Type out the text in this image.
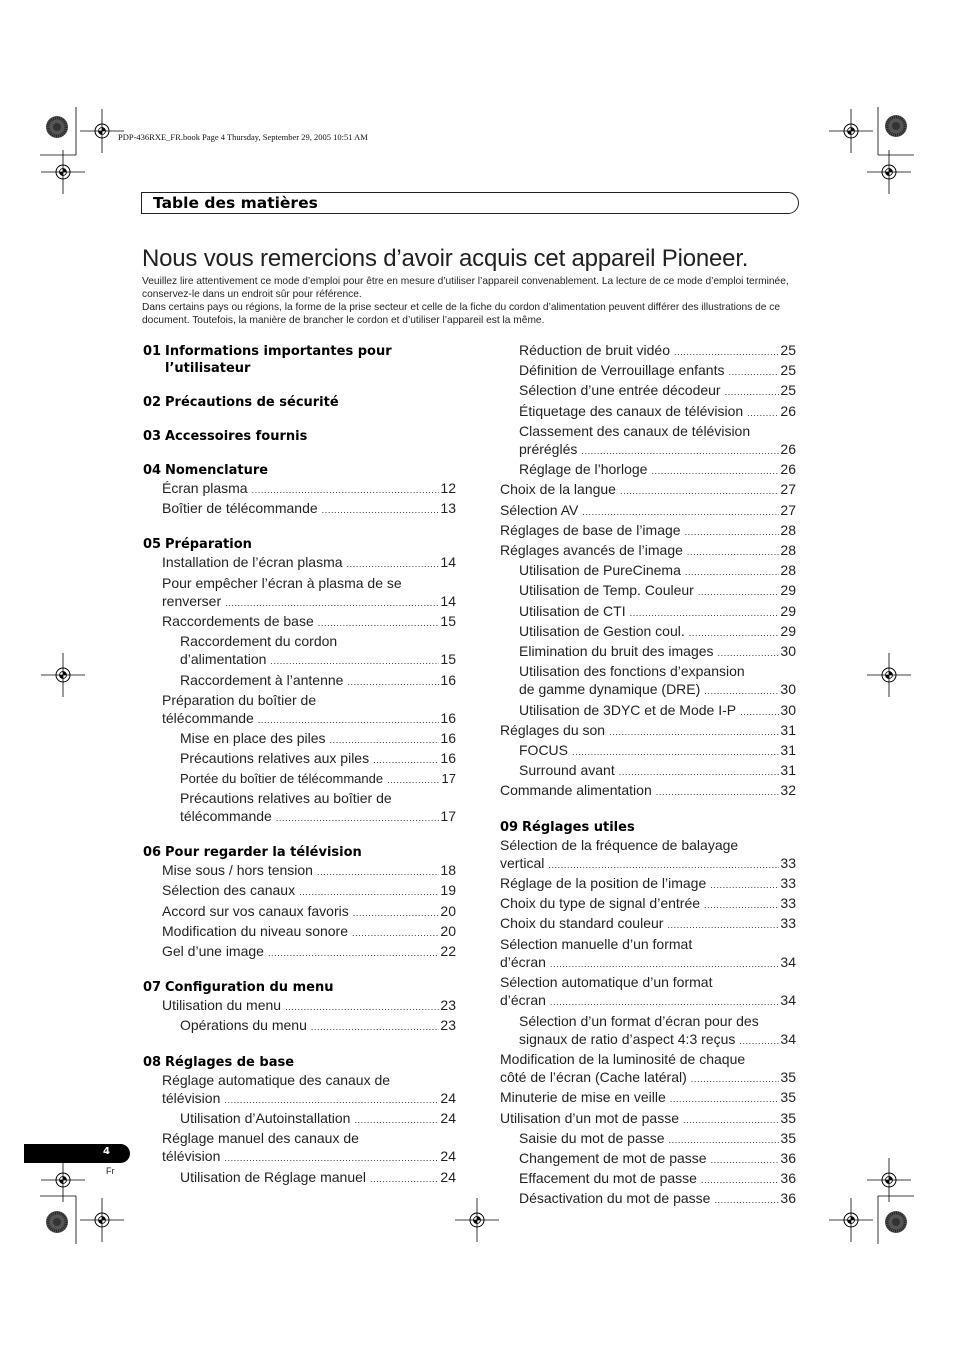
PDP-436RXE_FR.book Page 4 Thursday, September 29, 2005 10:51 AM
Table des matières
Nous vous remercions d’avoir acquis cet appareil Pioneer.

Veuillez lire attentivement ce mode d’emploi pour être en mesure d’utiliser l’appareil convenablement. La lecture de ce mode d’emploi terminée, conservez-le dans un endroit sûr pour référence.

Dans certains pays ou régions, la forme de la prise secteur et celle de la fiche du cordon d’alimentation peuvent différer des illustrations de ce document. Toutefois, la manière de brancher le cordon et d’utiliser l’appareil est la même.

01 Informations importantes pour
l’utilisateur
02 Précautions de sécurité
03 Accessoires fournis
04 Nomenclature
Écran plasma .....	12
Boîtier de télécommande .....	13
05 Préparation
Installation de l’écran plasma .....	14
Pour empêcher l’écran à plasma de se
renverser .....	14
Raccordements de base .....	15
Raccordement du cordon
d’alimentation .....	15
Raccordement à l’antenne .....	16
Préparation du boîtier de
télécommande .....	16
Mise en place des piles .....	16
Précautions relatives aux piles .....	16
Portée du boîtier de télécommande .....	17
Précautions relatives au boîtier de
télécommande .....	17
06 Pour regarder la télévision
Mise sous / hors tension .....	18
Sélection des canaux .....	19
Accord sur vos canaux favoris .....	20
Modification du niveau sonore .....	20
Gel d’une image .....	22
07 Configuration du menu
Utilisation du menu .....	23
Opérations du menu .....	23
08 Réglages de base
Réglage automatique des canaux de
télévision .....	24
Utilisation d’Autoinstallation .....	24
Réglage manuel des canaux de
télévision .....	24
Utilisation de Réglage manuel .....	24
Réduction de bruit vidéo .....	25
Définition de Verrouillage enfants .....	25
Sélection d’une entrée décodeur .....	25
Étiquetage des canaux de télévision .....	26
Classement des canaux de télévision
préréglés .....	26
Réglage de l’horloge .....	26
Choix de la langue .....	27
Sélection AV .....	27
Réglages de base de l’image .....	28
Réglages avancés de l’image .....	28
Utilisation de PureCinema .....	28
Utilisation de Temp. Couleur .....	29
Utilisation de CTI .....	29
Utilisation de Gestion coul. .....	29
Elimination du bruit des images .....	30
Utilisation des fonctions d’expansion
de gamme dynamique (DRE) .....	30
Utilisation de 3DYC et de Mode I-P .....	30
Réglages du son .....	31
FOCUS .....	31
Surround avant .....	31
Commande alimentation .....	32
09 Réglages utiles
Sélection de la fréquence de balayage
vertical .....	33
Réglage de la position de l’image .....	33
Choix du type de signal d’entrée .....	33
Choix du standard couleur .....	33
Sélection manuelle d’un format
d’écran .....	34
Sélection automatique d’un format
d’écran .....	34
Sélection d’un format d’écran pour des
signaux de ratio d’aspect 4:3 reçus .....	34
Modification de la luminosité de chaque
côté de l’écran (Cache latéral) .....	35
Minuterie de mise en veille .....	35
Utilisation d’un mot de passe .....	35
Saisie du mot de passe .....	35
Changement de mot de passe .....	36
Effacement du mot de passe .....	36
Désactivation du mot de passe .....	36
4
Fr
